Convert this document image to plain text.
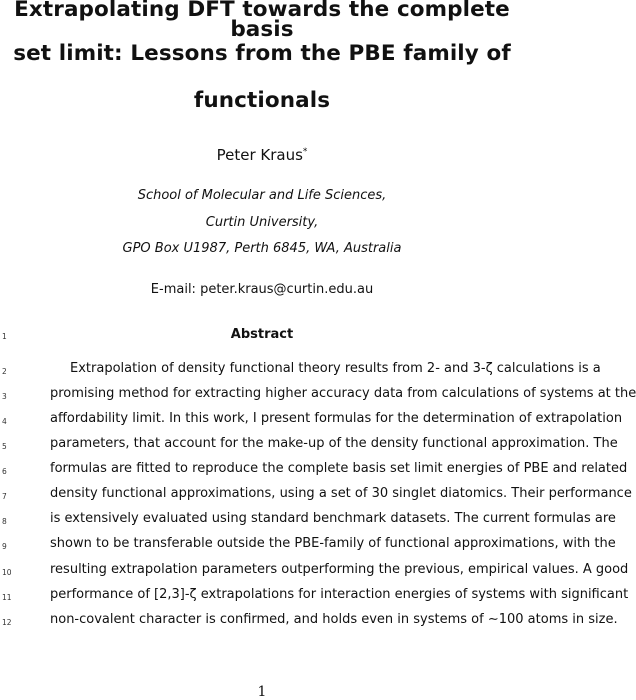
Extrapolating DFT towards the complete basis
set limit: Lessons from the PBE family of
functionals
Peter Kraus*
School of Molecular and Life Sciences,
Curtin University,
GPO Box U1987, Perth 6845, WA, Australia
E-mail: peter.kraus@curtin.edu.au
1	Abstract
2	Extrapolation of density functional theory results from 2- and 3-ζ calculations is a
3	promising method for extracting higher accuracy data from calculations of systems at the
4	affordability limit. In this work, I present formulas for the determination of extrapolation
5	parameters, that account for the make-up of the density functional approximation. The
6	formulas are fitted to reproduce the complete basis set limit energies of PBE and related
7	density functional approximations, using a set of 30 singlet diatomics. Their performance
8	is extensively evaluated using standard benchmark datasets. The current formulas are
9	shown to be transferable outside the PBE-family of functional approximations, with the
10	resulting extrapolation parameters outperforming the previous, empirical values. A good
11	performance of [2,3]-ζ extrapolations for interaction energies of systems with significant
12	non-covalent character is confirmed, and holds even in systems of ∼100 atoms in size.
1
